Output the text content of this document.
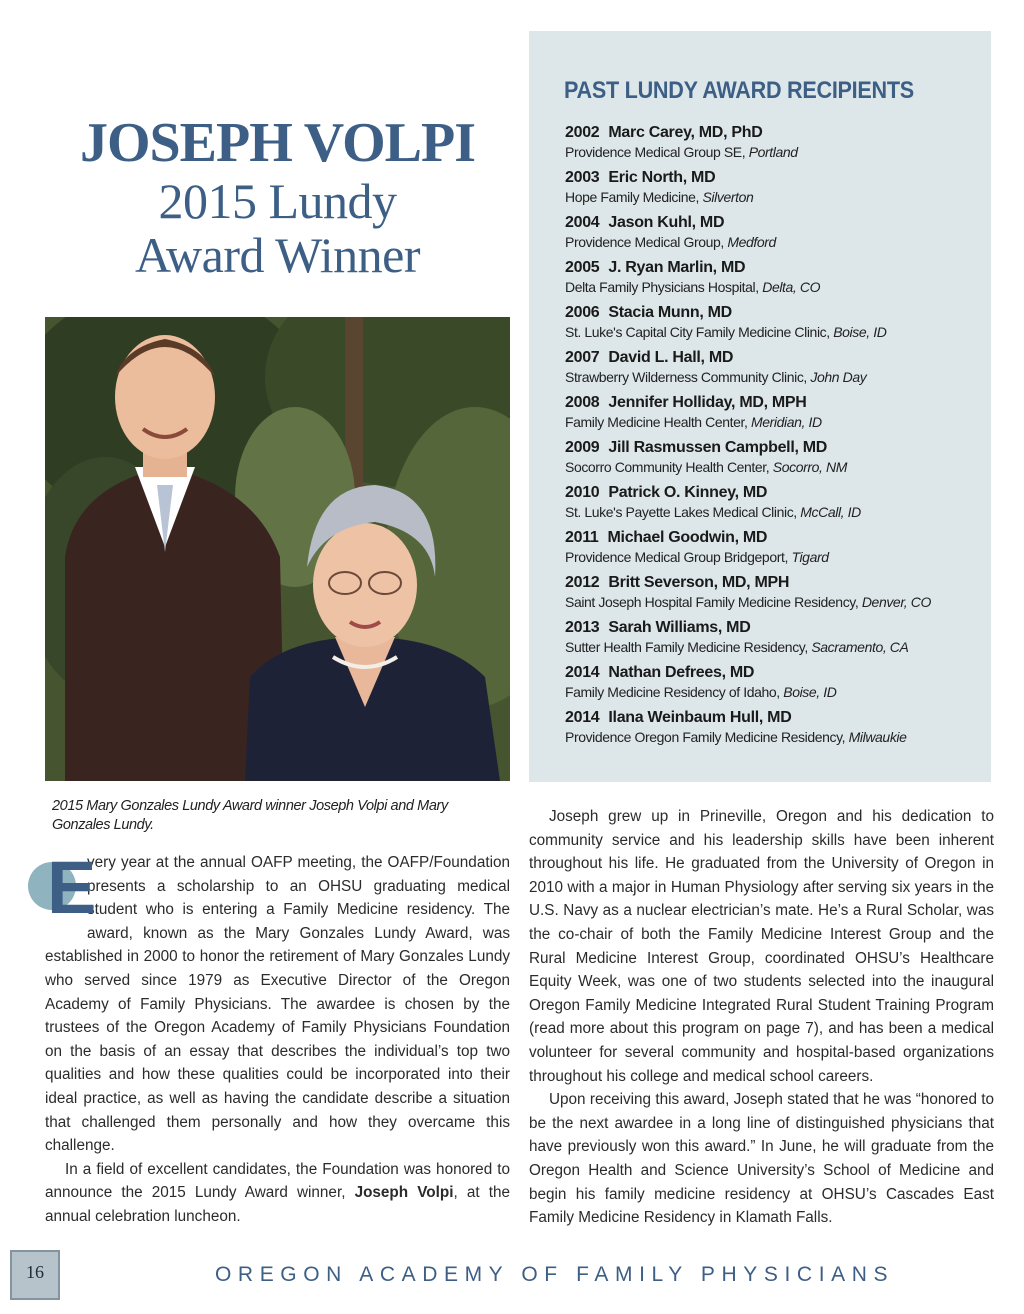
JOSEPH VOLPI
2015 Lundy
Award Winner
PAST LUNDY AWARD RECIPIENTS
2002 Marc Carey, MD, PhD
Providence Medical Group SE, Portland
2003 Eric North, MD
Hope Family Medicine, Silverton
2004 Jason Kuhl, MD
Providence Medical Group, Medford
2005 J. Ryan Marlin, MD
Delta Family Physicians Hospital, Delta, CO
2006 Stacia Munn, MD
St. Luke's Capital City Family Medicine Clinic, Boise, ID
2007 David L. Hall, MD
Strawberry Wilderness Community Clinic, John Day
2008 Jennifer Holliday, MD, MPH
Family Medicine Health Center, Meridian, ID
2009 Jill Rasmussen Campbell, MD
Socorro Community Health Center, Socorro, NM
2010 Patrick O. Kinney, MD
St. Luke's Payette Lakes Medical Clinic, McCall, ID
2011 Michael Goodwin, MD
Providence Medical Group Bridgeport, Tigard
2012 Britt Severson, MD, MPH
Saint Joseph Hospital Family Medicine Residency, Denver, CO
2013 Sarah Williams, MD
Sutter Health Family Medicine Residency, Sacramento, CA
2014 Nathan Defrees, MD
Family Medicine Residency of Idaho, Boise, ID
2014 Ilana Weinbaum Hull, MD
Providence Oregon Family Medicine Residency, Milwaukie
2015 Mary Gonzales Lundy Award winner Joseph Volpi and Mary Gonzales Lundy.

E
very year at the annual OAFP meeting, the OAFP/Foundation presents a scholarship to an OHSU graduating medical student who is entering a Family Medicine residency. The award, known as the Mary Gonzales Lundy Award, was established in 2000 to honor the retirement of Mary Gonzales Lundy who served since 1979 as Executive Director of the Oregon Academy of Family Physicians. The awardee is chosen by the trustees of the Oregon Academy of Family Physicians Foundation on the basis of an essay that describes the individual’s top two qualities and how these qualities could be incorporated into their ideal practice, as well as having the candidate describe a situation that challenged them personally and how they overcame this challenge.

In a field of excellent candidates, the Foundation was honored to announce the 2015 Lundy Award winner, Joseph Volpi, at the annual celebration luncheon.

Joseph grew up in Prineville, Oregon and his dedication to community service and his leadership skills have been inherent throughout his life. He graduated from the University of Oregon in 2010 with a major in Human Physiology after serving six years in the U.S. Navy as a nuclear electrician’s mate. He’s a Rural Scholar, was the co-chair of both the Family Medicine Interest Group and the Rural Medicine Interest Group, coordinated OHSU’s Healthcare Equity Week, was one of two students selected into the inaugural Oregon Family Medicine Integrated Rural Student Training Program (read more about this program on page 7), and has been a medical volunteer for several community and hospital-based organizations throughout his college and medical school careers.

Upon receiving this award, Joseph stated that he was “honored to be the next awardee in a long line of distinguished physicians that have previously won this award.” In June, he will graduate from the Oregon Health and Science University’s School of Medicine and begin his family medicine residency at OHSU’s Cascades East Family Medicine Residency in Klamath Falls.

16	OREGON ACADEMY OF FAMILY PHYSICIANS
